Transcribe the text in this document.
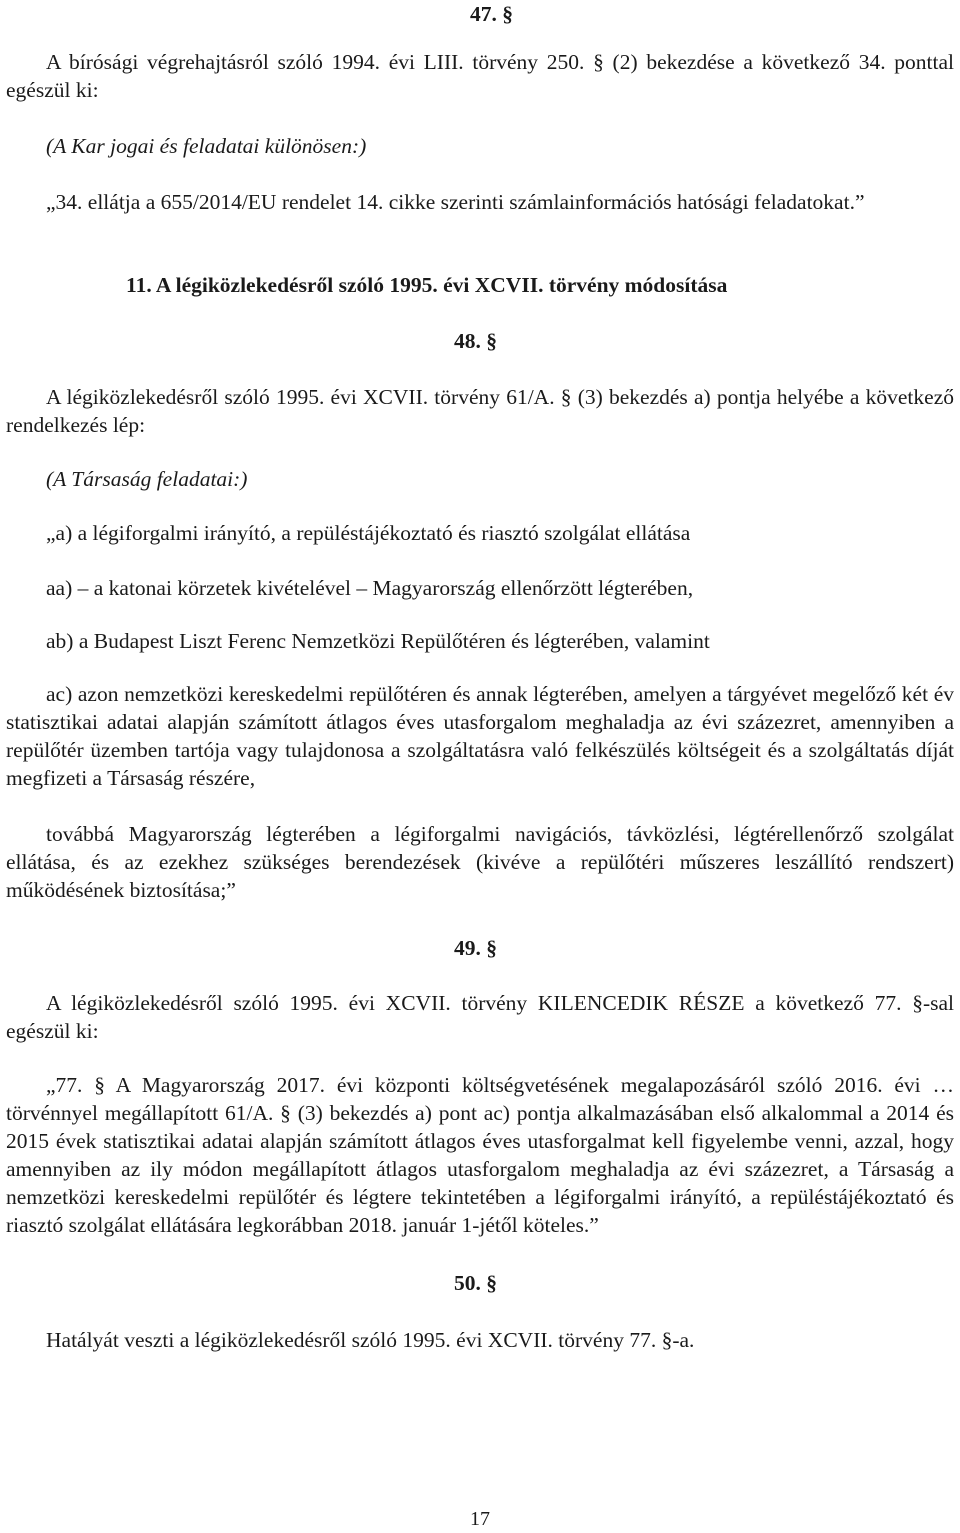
47. §

A bírósági végrehajtásról szóló 1994. évi LIII. törvény 250. § (2) bekezdése a következő 34. ponttal egészül ki:

(A Kar jogai és feladatai különösen:)

„34. ellátja a 655/2014/EU rendelet 14. cikke szerinti számlainformációs hatósági feladatokat.”

11. A légiközlekedésről szóló 1995. évi XCVII. törvény módosítása
48. §

A légiközlekedésről szóló 1995. évi XCVII. törvény 61/A. § (3) bekezdés a) pontja helyébe a következő rendelkezés lép:

(A Társaság feladatai:)
„a) a légiforgalmi irányító, a repüléstájékoztató és riasztó szolgálat ellátása
aa) – a katonai körzetek kivételével – Magyarország ellenőrzött légterében,
ab) a Budapest Liszt Ferenc Nemzetközi Repülőtéren és légterében, valamint

ac) azon nemzetközi kereskedelmi repülőtéren és annak légterében, amelyen a tárgyévet megelőző két év statisztikai adatai alapján számított átlagos éves utasforgalom meghaladja az évi százezret, amennyiben a repülőtér üzemben tartója vagy tulajdonosa a szolgáltatásra való felkészülés költségeit és a szolgáltatás díját megfizeti a Társaság részére,

továbbá Magyarország légterében a légiforgalmi navigációs, távközlési, légtérellenőrző szolgálat ellátása, és az ezekhez szükséges berendezések (kivéve a repülőtéri műszeres leszállító rendszert) működésének biztosítása;”

49. §

A légiközlekedésről szóló 1995. évi XCVII. törvény KILENCEDIK RÉSZE a következő 77. §-sal egészül ki:

„77. § A Magyarország 2017. évi központi költségvetésének megalapozásáról szóló 2016. évi … törvénnyel megállapított 61/A. § (3) bekezdés a) pont ac) pontja alkalmazásában első alkalommal a 2014 és 2015 évek statisztikai adatai alapján számított átlagos éves utasforgalmat kell figyelembe venni, azzal, hogy amennyiben az ily módon megállapított átlagos utasforgalom meghaladja az évi százezret, a Társaság a nemzetközi kereskedelmi repülőtér és légtere tekintetében a légiforgalmi irányító, a repüléstájékoztató és riasztó szolgálat ellátására legkorábban 2018. január 1-jétől köteles.”

50. §

Hatályát veszti a légiközlekedésről szóló 1995. évi XCVII. törvény 77. §-a.

17
